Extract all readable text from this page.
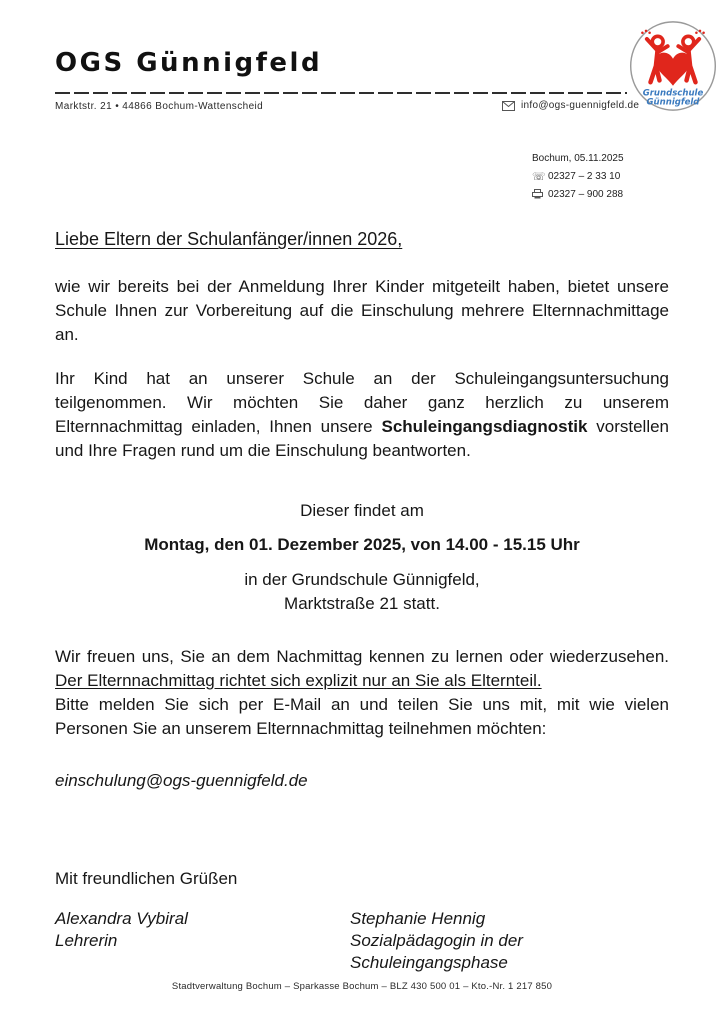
OGS Günnigfeld
Grundschule
Günnigfeld
Marktstr. 21 • 44866 Bochum-Wattenscheid	info@ogs-guennigfeld.de
Bochum, 05.11.2025
☏ 02327 – 2 33 10
02327 – 900 288
Liebe Eltern der Schulanfänger/innen 2026,

wie wir bereits bei der Anmeldung Ihrer Kinder mitgeteilt haben, bietet unsere Schule Ihnen zur Vorbereitung auf die Einschulung mehrere Elternnachmittage an.

Ihr Kind hat an unserer Schule an der Schuleingangsuntersuchung teilgenommen. Wir möchten Sie daher ganz herzlich zu unserem Elternnachmittag einladen, Ihnen unsere Schuleingangsdiagnostik vorstellen und Ihre Fragen rund um die Einschulung beantworten.

Dieser findet am

Montag, den 01. Dezember 2025, von 14.00 - 15.15 Uhr

in der Grundschule Günnigfeld,

Marktstraße 21 statt.

Wir freuen uns, Sie an dem Nachmittag kennen zu lernen oder wiederzusehen. Der Elternnachmittag richtet sich explizit nur an Sie als Elternteil.
Bitte melden Sie sich per E-Mail an und teilen Sie uns mit, mit wie vielen Personen Sie an unserem Elternnachmittag teilnehmen möchten:

einschulung@ogs-guennigfeld.de

Mit freundlichen Grüßen

Alexandra Vybiral

Lehrerin

Stephanie Hennig

Sozialpädagogin in der Schuleingangsphase

Stadtverwaltung Bochum – Sparkasse Bochum – BLZ 430 500 01 – Kto.-Nr. 1 217 850
